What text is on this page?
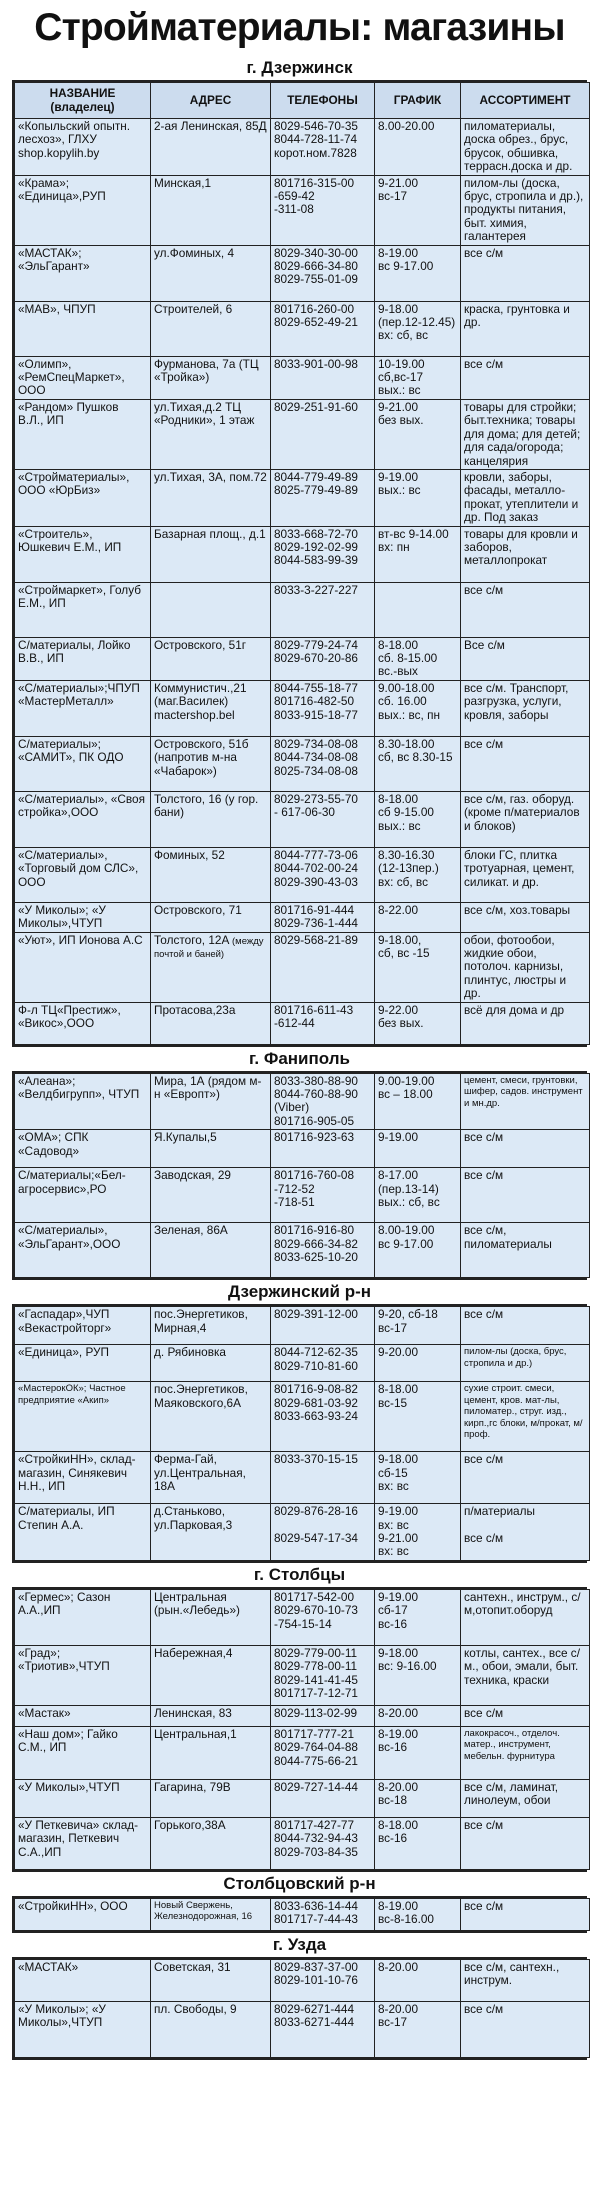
Стройматериалы: магазины
г. Дзержинск
НАЗВАНИЕ (владелец)	АДРЕС	ТЕЛЕФОНЫ	ГРАФИК	АССОРТИМЕНТ
«Копыльский опытн. лесхоз», ГЛХУ shop.kopylih.by	2-ая Ленинская, 85Д	8029-546-70-35
8044-728-11-74
корот.ном.7828	8.00-20.00	пиломатериалы, доска обрез., брус, брусок, обшивка, террасн.доска и др.
«Крама»; «Единица»,РУП	Минская,1	801716-315-00
-659-42
-311-08	9-21.00
вс-17	пилом-лы (доска, брус, стропила и др.), продукты питания, быт. химия, галантерея
«МАСТАК»; «ЭльГарант»	ул.Фоминых, 4	8029-340-30-00
8029-666-34-80
8029-755-01-09	8-19.00
вс 9-17.00	все с/м
«МАВ», ЧПУП	Строителей, 6	801716-260-00
8029-652-49-21	9-18.00
(пер.12-12.45)
вх: сб, вс	краска, грунтовка и др.
«Олимп», «РемСпецМаркет», ООО	Фурманова, 7а (ТЦ «Тройка»)	8033-901-00-98	10-19.00
сб,вс-17
вых.: вс	все с/м
«Рандом» Пушков В.Л., ИП	ул.Тихая,д.2 ТЦ «Родники», 1 этаж	8029-251-91-60	9-21.00
без вых.	товары для стройки; быт.техника; товары для дома; для детей; для сада/огорода; канцелярия
«Стройматериалы», ООО «ЮрБиз»	ул.Тихая, 3А, пом.72	8044-779-49-89
8025-779-49-89	9-19.00
вых.: вс	кровли, заборы, фасады, металло-прокат, утеплители и др. Под заказ
«Строитель», Юшкевич Е.М., ИП	Базарная площ., д.1	8033-668-72-70
8029-192-02-99
8044-583-99-39	вт-вс 9-14.00
вх: пн	товары для кровли и заборов, металлопрокат
«Строймаркет», Голуб Е.М., ИП		8033-3-227-227		все с/м
С/материалы, Лойко В.В., ИП	Островского, 51г	8029-779-24-74
8029-670-20-86	8-18.00
сб. 8-15.00
вс.-вых	Все с/м
«С/материалы»;ЧПУП «МастерМеталл»	Коммунистич.,21 (маг.Василек) mactershop.bel	8044-755-18-77
801716-482-50
8033-915-18-77	9.00-18.00
сб. 16.00
вых.: вс, пн	все с/м. Транспорт, разгрузка, услуги, кровля, заборы
С/материалы»; «САМИТ», ПК ОДО	Островского, 51б (напротив м-на «Чабарок»)	8029-734-08-08
8044-734-08-08
8025-734-08-08	8.30-18.00
сб, вс 8.30-15	все с/м
«С/материалы», «Своя стройка»,ООО	Толстого, 16 (у гор. бани)	8029-273-55-70
- 617-06-30	8-18.00
сб 9-15.00
вых.: вс	все с/м, газ. оборуд. (кроме п/материалов и блоков)
«С/материалы», «Торговый дом СЛС», ООО	Фоминых, 52	8044-777-73-06
8044-702-00-24
8029-390-43-03	8.30-16.30
(12-13пер.)
вх: сб, вс	блоки ГС, плитка тротуарная, цемент, силикат. и др.
«У Миколы»; «У Миколы»,ЧТУП	Островского, 71	801716-91-444
8029-736-1-444	8-22.00	все с/м, хоз.товары
«Уют», ИП Ионова А.С	Толстого, 12А (между почтой и баней)	8029-568-21-89	9-18.00,
сб, вс -15	обои, фотообои, жидкие обои, потолоч. карнизы, плинтус, люстры и др.
Ф-л ТЦ«Престиж», «Викос»,ООО	Протасова,23а	801716-611-43
-612-44	9-22.00
без вых.	всё для дома и др
г. Фаниполь
«Алеана»; «Велдбигрупп», ЧТУП	Мира, 1А (рядом м-н «Европт»)	8033-380-88-90
8044-760-88-90
(Viber)
801716-905-05	9.00-19.00
вс – 18.00	цемент, смеси, грунтовки, шифер, садов. инструмент и мн.др.
«ОМА»; СПК «Садовод»	Я.Купалы,5	801716-923-63	9-19.00	все с/м
С/материалы;«Бел-агросервис»,РО	Заводская, 29	801716-760-08
-712-52
-718-51	8-17.00
(пер.13-14)
вых.: сб, вс	все с/м
«С/материалы», «ЭльГарант»,ООО	Зеленая, 86А	801716-916-80
8029-666-34-82
8033-625-10-20	8.00-19.00
вс 9-17.00	все с/м, пиломатериалы
Дзержинский р-н
«Гаспадар»,ЧУП «Векастройторг»	пос.Энергетиков, Мирная,4	8029-391-12-00	9-20, сб-18
вс-17	все с/м
«Единица», РУП	д. Рябиновка	8044-712-62-35
8029-710-81-60	9-20.00	пилом-лы (доска, брус, стропила и др.)
«МастерокОК»; Частное предприятие «Акип»	пос.Энергетиков, Маяковского,6А	801716-9-08-82
8029-681-03-92
8033-663-93-24	8-18.00
вс-15	сухие строит. смеси, цемент, кров. мат-лы, пиломатер., струг. изд., кирп.,гс блоки, м/прокат, м/проф.
«СтройкиНН», склад-магазин, Синякевич Н.Н., ИП	Ферма-Гай, ул.Центральная, 18А	8033-370-15-15	9-18.00
сб-15
вх: вс	все с/м
С/материалы, ИП Степин А.А.	д.Станьково, ул.Парковая,3	8029-876-28-16

8029-547-17-34	9-19.00
вх: вс
9-21.00
вх: вс	п/материалы

все с/м
г. Столбцы
«Гермес»; Сазон А.А.,ИП	Центральная (рын.«Лебедь»)	801717-542-00
8029-670-10-73
-754-15-14	9-19.00
сб-17
вс-16	сантехн., инструм., с/м,отопит.оборуд
«Град»; «Триотив»,ЧТУП	Набережная,4	8029-779-00-11
8029-778-00-11
8029-141-41-45
801717-7-12-71	9-18.00
вс: 9-16.00	котлы, сантех., все с/м., обои, эмали, быт. техника, краски
«Мастак»	Ленинская, 83	8029-113-02-99	8-20.00	все с/м
«Наш дом»; Гайко С.М., ИП	Центральная,1	801717-777-21
8029-764-04-88
8044-775-66-21	8-19.00
вс-16	лакокрасоч., отделоч. матер., инструмент, мебельн. фурнитура
«У Миколы»,ЧТУП	Гагарина, 79В	8029-727-14-44	8-20.00
вс-18	все с/м, ламинат, линолеум, обои
«У Петкевича» склад-магазин, Петкевич С.А.,ИП	Горького,38А	801717-427-77
8044-732-94-43
8029-703-84-35	8-18.00
вс-16	все с/м
Столбцовский р-н
«СтройкиНН», ООО	Новый Свержень, Железнодорожная, 16	8033-636-14-44
801717-7-44-43	8-19.00
вс-8-16.00	все с/м
г. Узда
«МАСТАК»	Советская, 31	8029-837-37-00
8029-101-10-76	8-20.00	все с/м, сантехн., инструм.
«У Миколы»; «У Миколы»,ЧТУП	пл. Свободы, 9	8029-6271-444
8033-6271-444	8-20.00
вс-17	все с/м
